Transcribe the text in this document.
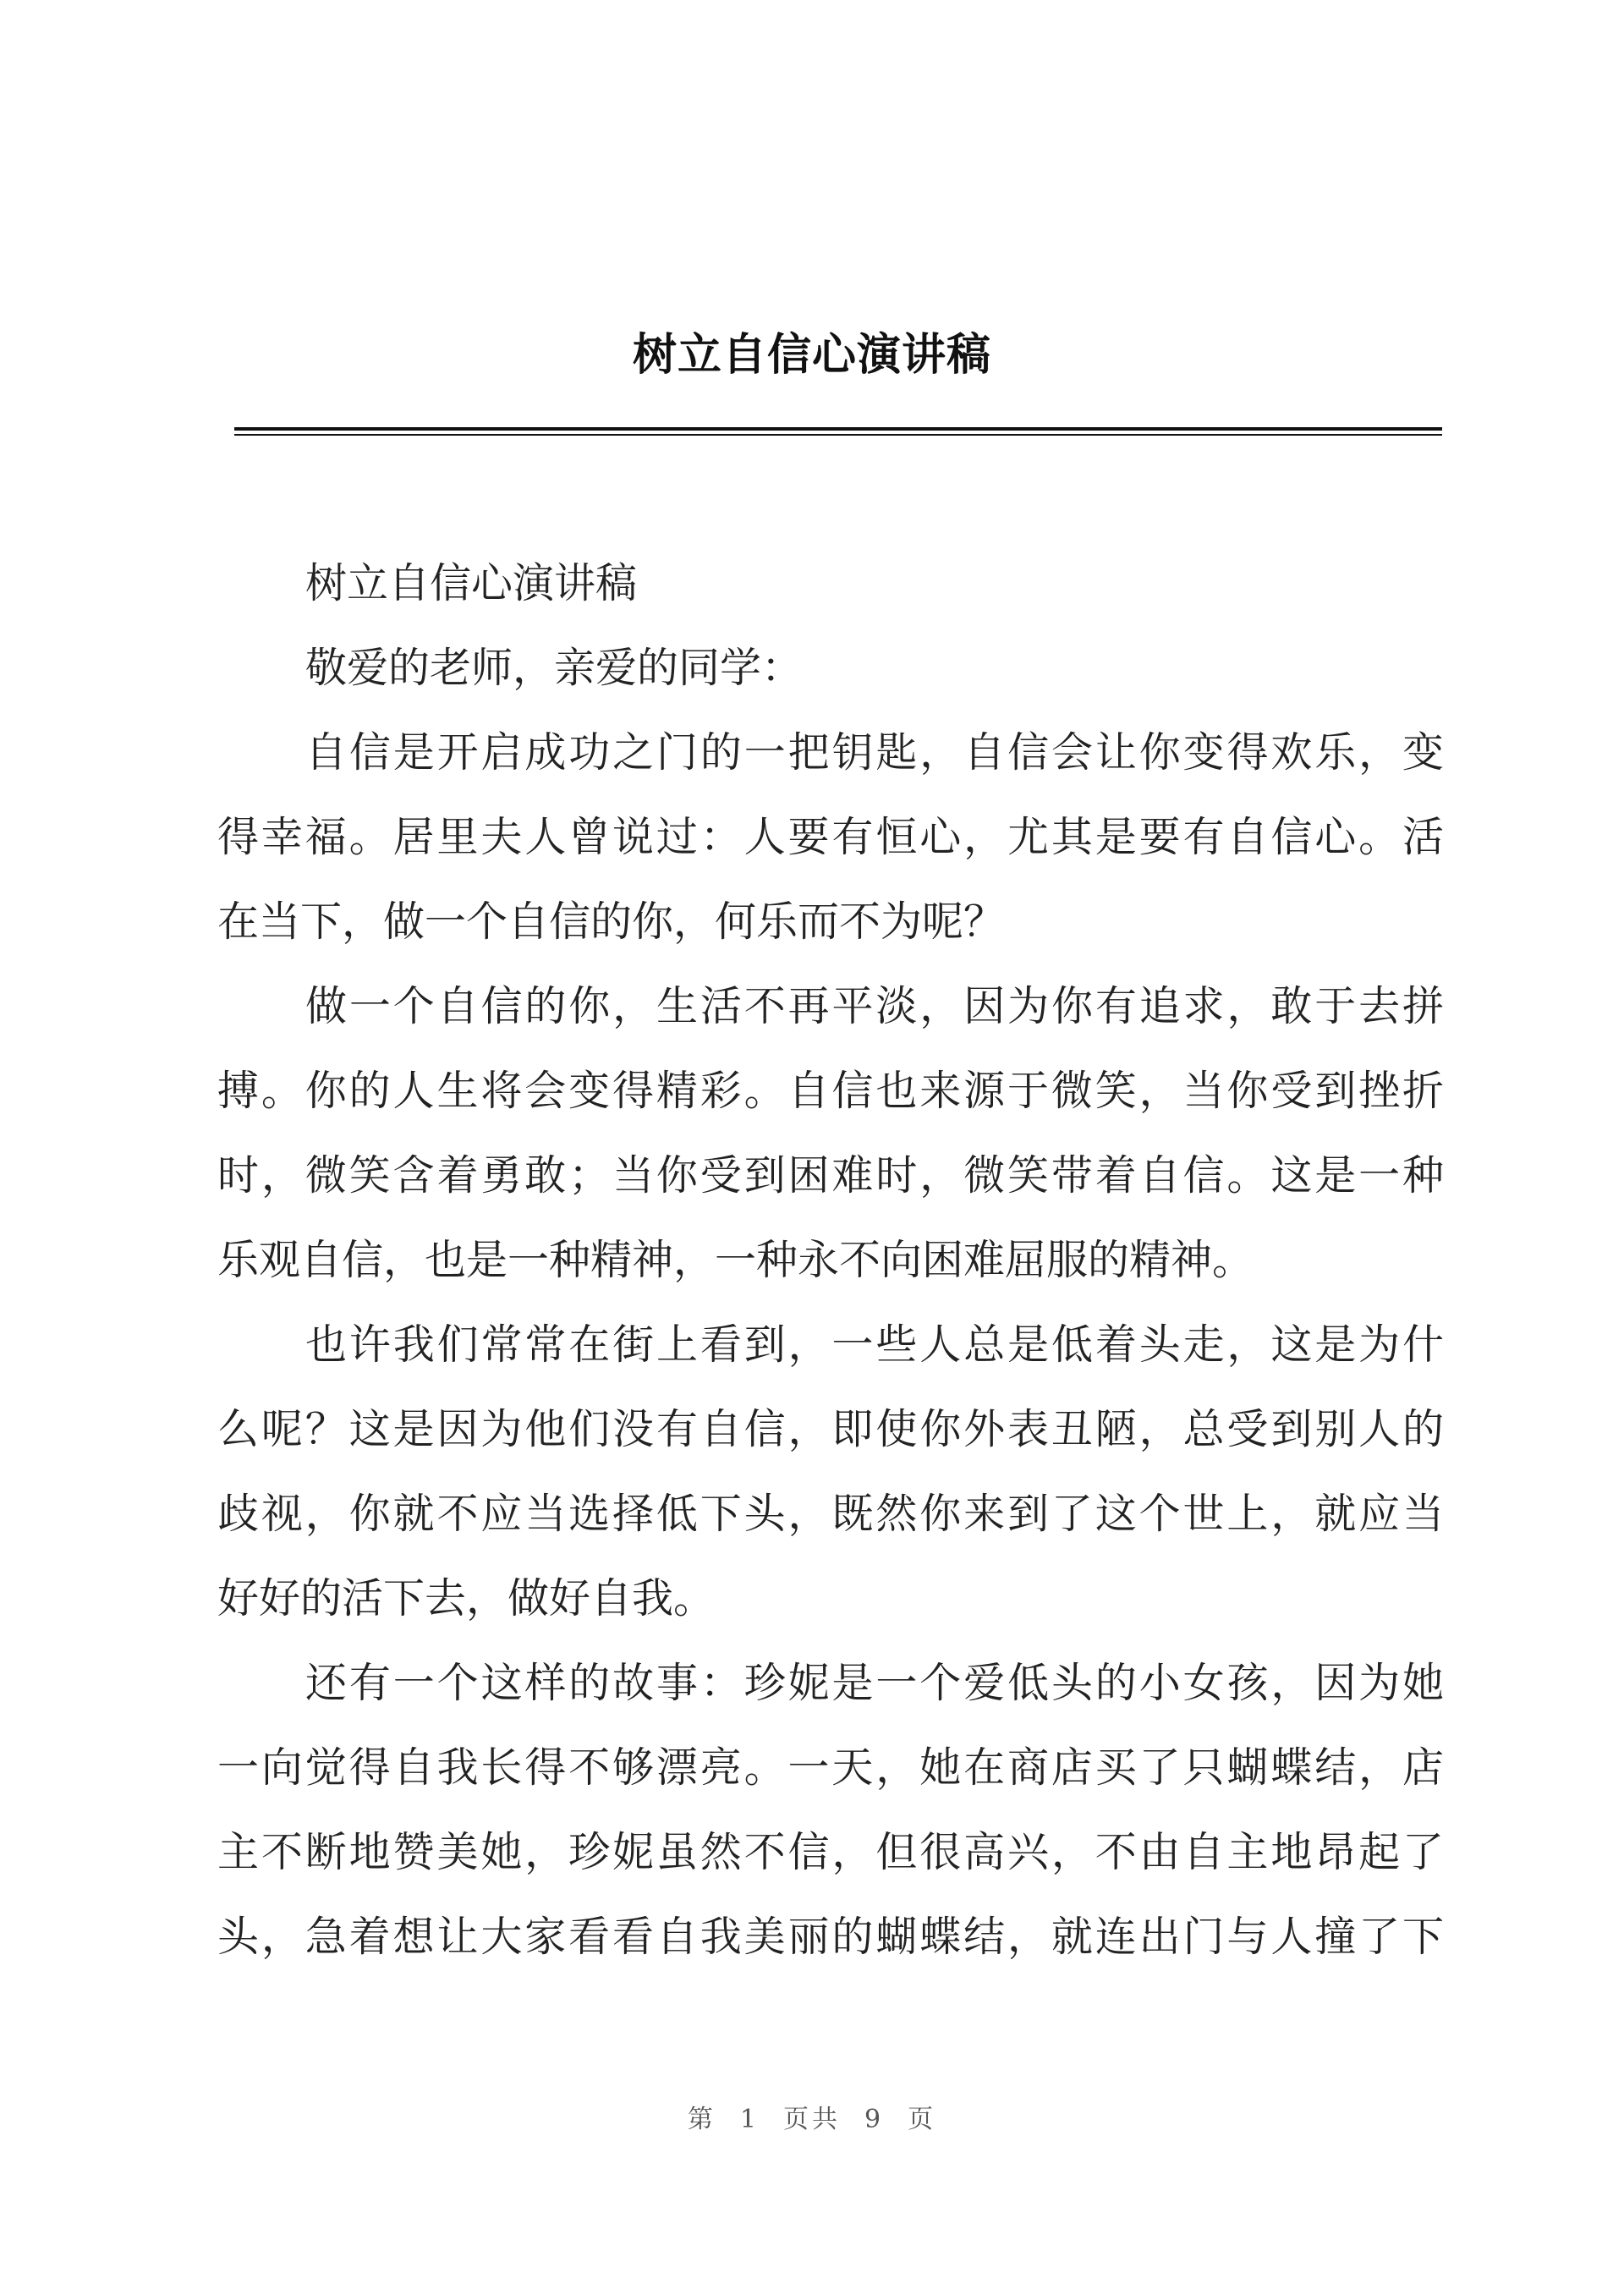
树立自信心演讲稿
树立自信心演讲稿
敬爱的老师，亲爱的同学：
自信是开启成功之门的一把钥匙，自信会让你变得欢乐，变
得幸福。居里夫人曾说过：人要有恒心，尤其是要有自信心。活
在当下，做一个自信的你，何乐而不为呢？
做一个自信的你，生活不再平淡，因为你有追求，敢于去拼
搏。你的人生将会变得精彩。自信也来源于微笑，当你受到挫折
时，微笑含着勇敢；当你受到困难时，微笑带着自信。这是一种
乐观自信，也是一种精神，一种永不向困难屈服的精神。
也许我们常常在街上看到，一些人总是低着头走，这是为什
么呢？这是因为他们没有自信，即使你外表丑陋，总受到别人的
歧视，你就不应当选择低下头，既然你来到了这个世上，就应当
好好的活下去，做好自我。
还有一个这样的故事：珍妮是一个爱低头的小女孩，因为她
一向觉得自我长得不够漂亮。一天，她在商店买了只蝴蝶结，店
主不断地赞美她，珍妮虽然不信，但很高兴，不由自主地昂起了
头，急着想让大家看看自我美丽的蝴蝶结，就连出门与人撞了下
第 1 页共 9 页
